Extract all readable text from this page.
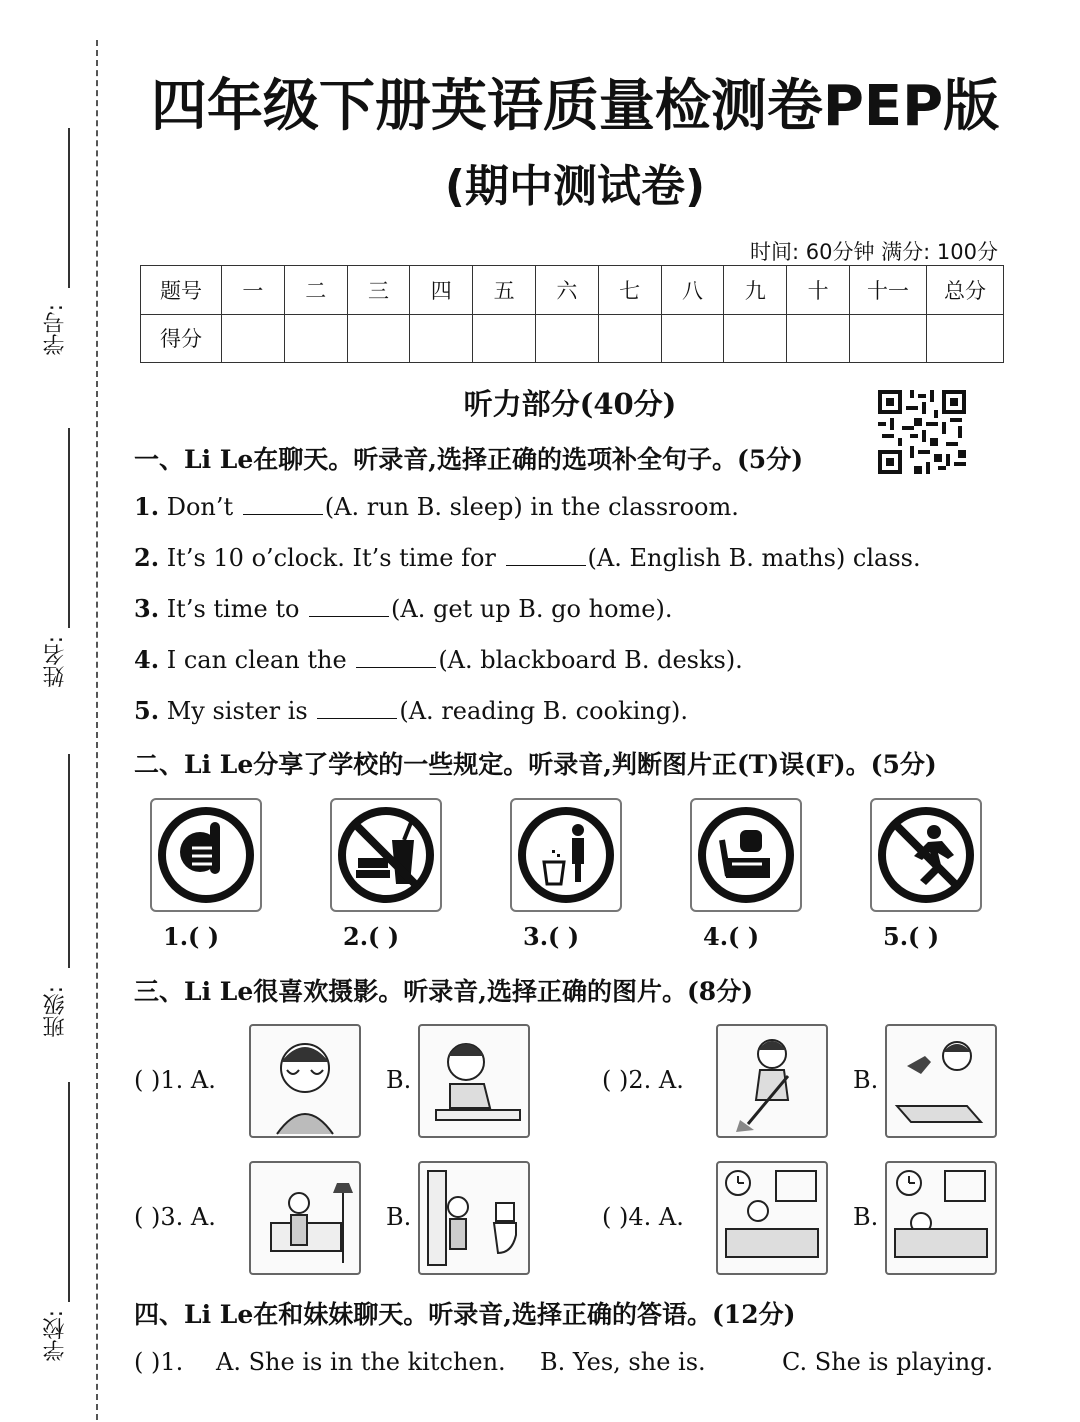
学号:
姓名:
班级:
学校:
四年级下册英语质量检测卷PEP版
(期中测试卷)
时间: 60分钟 满分: 100分
题号	一	二	三	四	五	六	七	八	九	十	十一	总分
得分												
听力部分(40分)
一、Li Le在聊天。听录音,选择正确的选项补全句子。(5分)
1. Don’t	(A. run B. sleep) in the classroom.
2. It’s 10 o’clock. It’s time for	(A. English B. maths) class.
3. It’s time to	(A. get up B. go home).
4. I can clean the	(A. blackboard B. desks).
5. My sister is	(A. reading B. cooking).
二、Li Le分享了学校的一些规定。听录音,判断图片正(T)误(F)。(5分)
1.( )	2.( )	3.( )	4.( )	5.( )
三、Li Le很喜欢摄影。听录音,选择正确的图片。(8分)
( )1. A.	B.	( )2. A.	B.
( )3. A.	B.	( )4. A.	B.
四、Li Le在和妹妹聊天。听录音,选择正确的答语。(12分)
( )1. A. She is in the kitchen. B. Yes, she is.	C. She is playing.
